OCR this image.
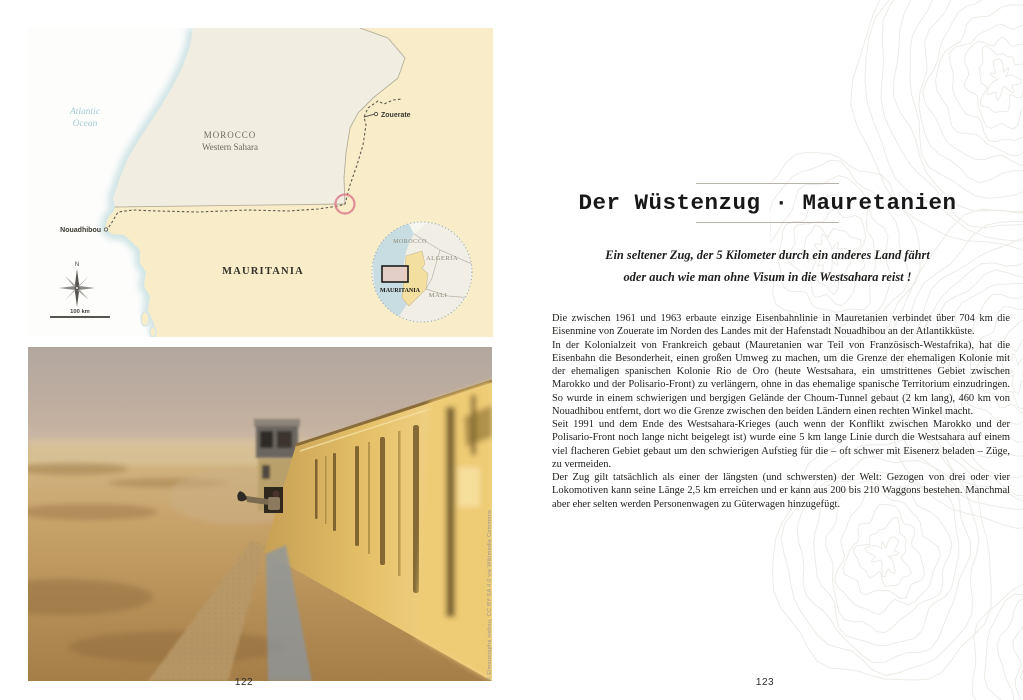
Atlantic
Ocean
MOROCCO
Western Sahara
MAURITANIA
Zouerate
Nouadhibou
N
100 km
MOROCCO
ALGERIA
MALI
MAURITANIA
© Elmoustapha ivekou, CC BY-SA 4.0 via Wikimedia Commons
Der Wüstenzug · Mauretanien
Ein seltener Zug, der 5 Kilometer durch ein anderes Land fährt
oder auch wie man ohne Visum in die Westsahara reist !

Die zwischen 1961 und 1963 erbaute einzige Eisenbahnlinie in Mauretanien verbindet über 704 km die Eisenmine von Zouerate im Norden des Landes mit der Hafenstadt Nouadhibou an der Atlantikküste.

In der Kolonialzeit von Frankreich gebaut (Mauretanien war Teil von Französisch-Westafrika), hat die Eisenbahn die Besonderheit, einen großen Umweg zu machen, um die Grenze der ehemaligen Kolonie mit der ehemaligen spanischen Kolonie Rio de Oro (heute Westsahara, ein umstrittenes Gebiet zwischen Marokko und der Polisario-Front) zu verlängern, ohne in das ehemalige spanische Territorium einzudringen. So wurde in einem schwierigen und bergigen Gelände der Choum-Tunnel gebaut (2 km lang), 460 km von Nouadhibou entfernt, dort wo die Grenze zwischen den beiden Ländern einen rechten Winkel macht.

Seit 1991 und dem Ende des Westsahara-Krieges (auch wenn der Konflikt zwischen Marokko und der Polisario-Front noch lange nicht beigelegt ist) wurde eine 5 km lange Linie durch die Westsahara auf einem viel flacheren Gebiet gebaut um den schwierigen Aufstieg für die – oft schwer mit Eisenerz beladen – Züge, zu vermeiden.

Der Zug gilt tatsächlich als einer der längsten (und schwersten) der Welt: Gezogen von drei oder vier Lokomotiven kann seine Länge 2,5 km erreichen und er kann aus 200 bis 210 Waggons bestehen. Manchmal aber eher selten werden Personenwagen zu Güterwagen hinzugefügt.

122	123
